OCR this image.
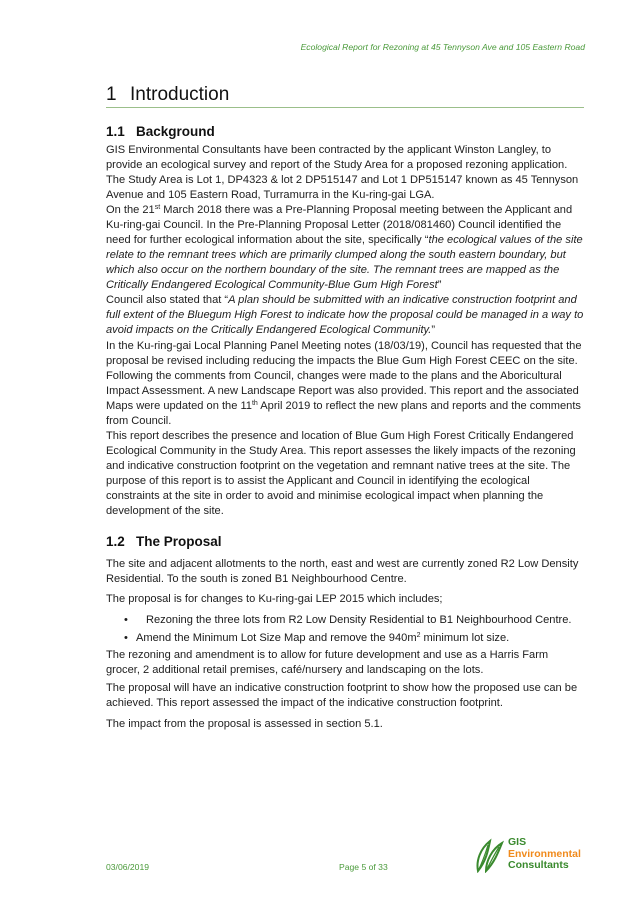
Ecological Report for Rezoning at 45 Tennyson Ave and 105 Eastern Road
1 Introduction
1.1 Background

GIS Environmental Consultants have been contracted by the applicant Winston Langley, to provide an ecological survey and report of the Study Area for a proposed rezoning application. The Study Area is Lot 1, DP4323 & lot 2 DP515147 and Lot 1 DP515147 known as 45 Tennyson Avenue and 105 Eastern Road, Turramurra in the Ku-ring-gai LGA.

On the 21st March 2018 there was a Pre-Planning Proposal meeting between the Applicant and Ku-ring-gai Council. In the Pre-Planning Proposal Letter (2018/081460) Council identified the need for further ecological information about the site, specifically “the ecological values of the site relate to the remnant trees which are primarily clumped along the south eastern boundary, but which also occur on the northern boundary of the site. The remnant trees are mapped as the Critically Endangered Ecological Community-Blue Gum High Forest”

Council also stated that “A plan should be submitted with an indicative construction footprint and full extent of the Bluegum High Forest to indicate how the proposal could be managed in a way to avoid impacts on the Critically Endangered Ecological Community.”

In the Ku-ring-gai Local Planning Panel Meeting notes (18/03/19), Council has requested that the proposal be revised including reducing the impacts the Blue Gum High Forest CEEC on the site. Following the comments from Council, changes were made to the plans and the Aboricultural Impact Assessment. A new Landscape Report was also provided. This report and the associated Maps were updated on the 11th April 2019 to reflect the new plans and reports and the comments from Council.

This report describes the presence and location of Blue Gum High Forest Critically Endangered Ecological Community in the Study Area. This report assesses the likely impacts of the rezoning and indicative construction footprint on the vegetation and remnant native trees at the site. The purpose of this report is to assist the Applicant and Council in identifying the ecological constraints at the site in order to avoid and minimise ecological impact when planning the development of the site.

1.2 The Proposal

The site and adjacent allotments to the north, east and west are currently zoned R2 Low Density Residential. To the south is zoned B1 Neighbourhood Centre.

The proposal is for changes to Ku-ring-gai LEP 2015 which includes;

• Rezoning the three lots from R2 Low Density Residential to B1 Neighbourhood Centre.
• Amend the Minimum Lot Size Map and remove the $940m^2$ minimum lot size.

The rezoning and amendment is to allow for future development and use as a Harris Farm grocer, 2 additional retail premises, café/nursery and landscaping on the lots.

The proposal will have an indicative construction footprint to show how the proposed use can be achieved. This report assessed the impact of the indicative construction footprint.

The impact from the proposal is assessed in section 5.1.

03/06/2019	Page 5 of 33
GIS
Environmental
Consultants
